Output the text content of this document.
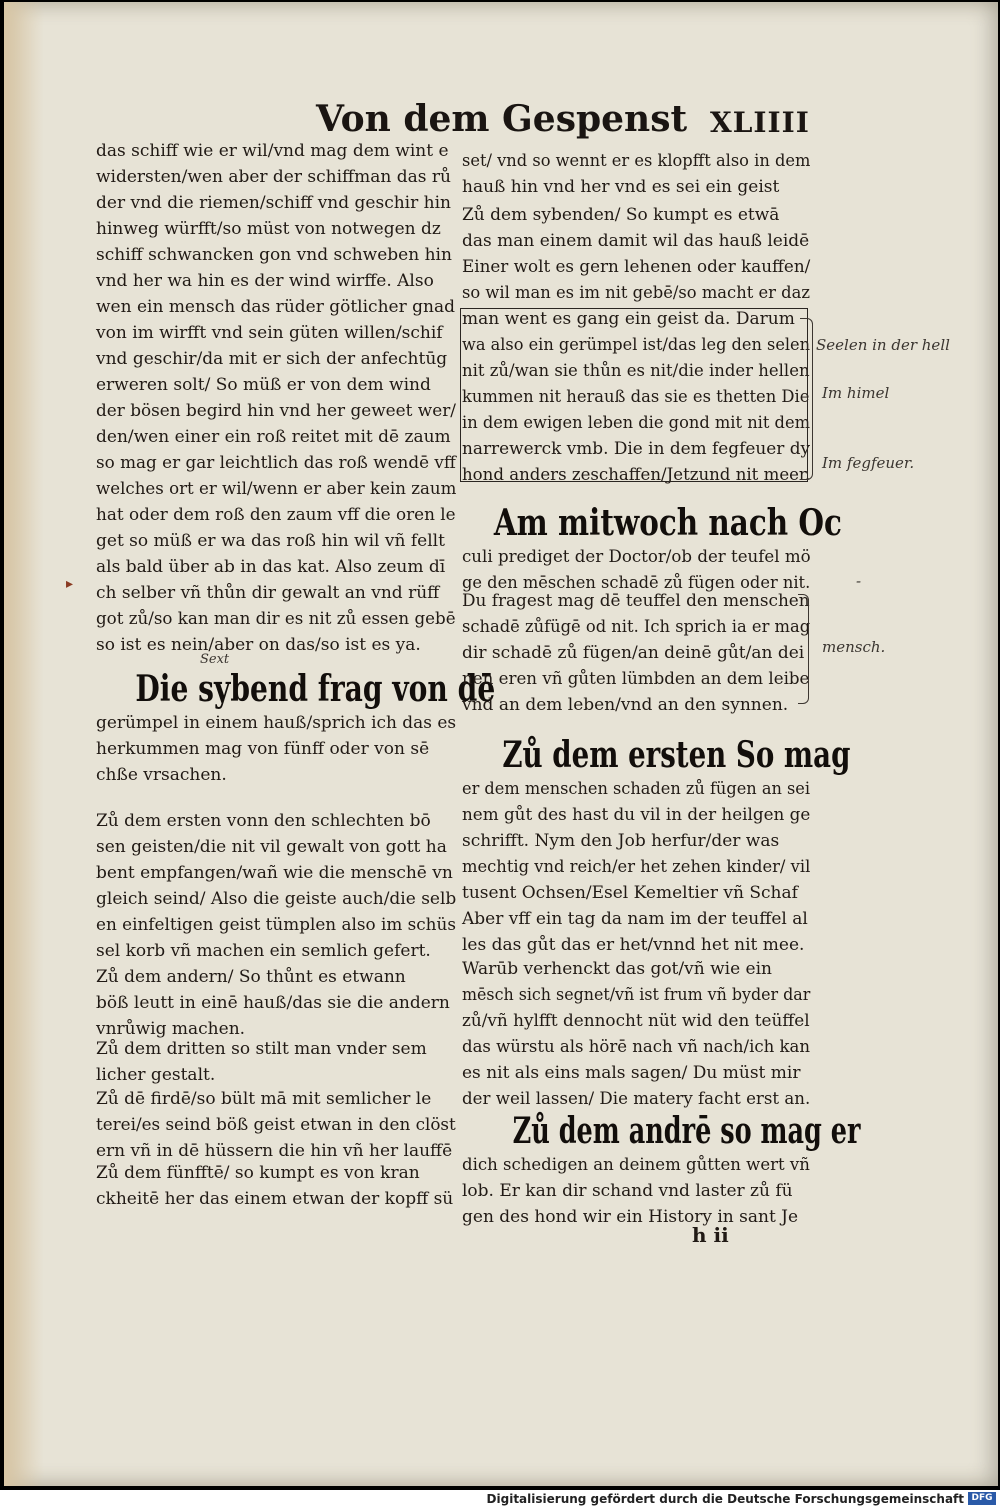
Von dem Gespenst XLIIII
das schiff wie er wil/vnd mag dem wint e
widersten/wen aber der schiffman das rů
der vnd die riemen/schiff vnd geschir hin
hinweg würfft/so müst von notwegen dz
schiff schwancken gon vnd schweben hin
vnd her wa hin es der wind wirffe. Also
wen ein mensch das rüder götlicher gnad
von im wirfft vnd sein güten willen/schif
vnd geschir/da mit er sich der anfechtūg
erweren solt/ So müß er von dem wind
der bösen begird hin vnd her geweet wer/
den/wen einer ein roß reitet mit dē zaum
so mag er gar leichtlich das roß wendē vff
welches ort er wil/wenn er aber kein zaum
hat oder dem roß den zaum vff die oren le
get so müß er wa das roß hin wil vñ fellt
als bald über ab in das kat. Also zeum dī
ch selber vñ thůn dir gewalt an vnd rüff
got zů/so kan man dir es nit zů essen gebē
so ist es nein/aber on das/so ist es ya.
Die sybend frag von dē
gerümpel in einem hauß/sprich ich das es
herkummen mag von fünff oder von sē
chße vrsachen.
Zů dem ersten vonn den schlechten bō
sen geisten/die nit vil gewalt von gott ha
bent empfangen/wañ wie die menschē vn
gleich seind/ Also die geiste auch/die selb
en einfeltigen geist tümplen also im schüs
sel korb vñ machen ein semlich gefert.
Zů dem andern/ So thůnt es etwann
böß leutt in einē hauß/das sie die andern
vnrůwig machen.
Zů dem dritten so stilt man vnder sem
licher gestalt.
Zů dē firdē/so bült mā mit semlicher le
terei/es seind böß geist etwan in den clöst
ern vñ in dē hüssern die hin vñ her lauffē
Zů dem fünfftē/ so kumpt es von kran
ckheitē her das einem etwan der kopff sü
set/ vnd so wennt er es klopfft also in dem
hauß hin vnd her vnd es sei ein geist
Zů dem sybenden/ So kumpt es etwā
das man einem damit wil das hauß leidē
Einer wolt es gern lehenen oder kauffen/
so wil man es im nit gebē/so macht er daz
man went es gang ein geist da. Darum
wa also ein gerümpel ist/das leg den selen
nit zů/wan sie thůn es nit/die inder hellen
kummen nit herauß das sie es thetten Die
in dem ewigen leben die gond mit nit dem
narrewerck vmb. Die in dem fegfeuer dy
hond anders zeschaffen/Jetzund nit meer.
Am mitwoch nach Oc
culi prediget der Doctor/ob der teufel mö
ge den mēschen schadē zů fügen oder nit.
Du fragest mag dē teuffel den menschen
schadē zůfügē od nit. Ich sprich ia er mag
dir schadē zů fügen/an deinē gůt/an dei
nen eren vñ gůten lümbden an dem leibe
vnd an dem leben/vnd an den synnen.
Zů dem ersten So mag
er dem menschen schaden zů fügen an sei
nem gůt des hast du vil in der heilgen ge
schrifft. Nym den Job herfur/der was
mechtig vnd reich/er het zehen kinder/ vil
tusent Ochsen/Esel Kemeltier vñ Schaf
Aber vff ein tag da nam im der teuffel al
les das gůt das er het/vnnd het nit mee.
Warūb verhenckt das got/vñ wie ein
mēsch sich segnet/vñ ist frum vñ byder dar
zů/vñ hylfft dennocht nüt wid den teüffel
das würstu als hörē nach vñ nach/ich kan
es nit als eins mals sagen/ Du müst mir
der weil lassen/ Die matery facht erst an.
Zů dem andrē so mag er
dich schedigen an deinem gůtten wert vñ
lob. Er kan dir schand vnd laster zů fü
gen des hond wir ein History in sant Je
h ii
Seelen in der hell
Im himel
Im fegfeuer.
-
mensch.
Sext
▸
Digitalisierung gefördert durch die Deutsche Forschungsgemeinschaft DFG
